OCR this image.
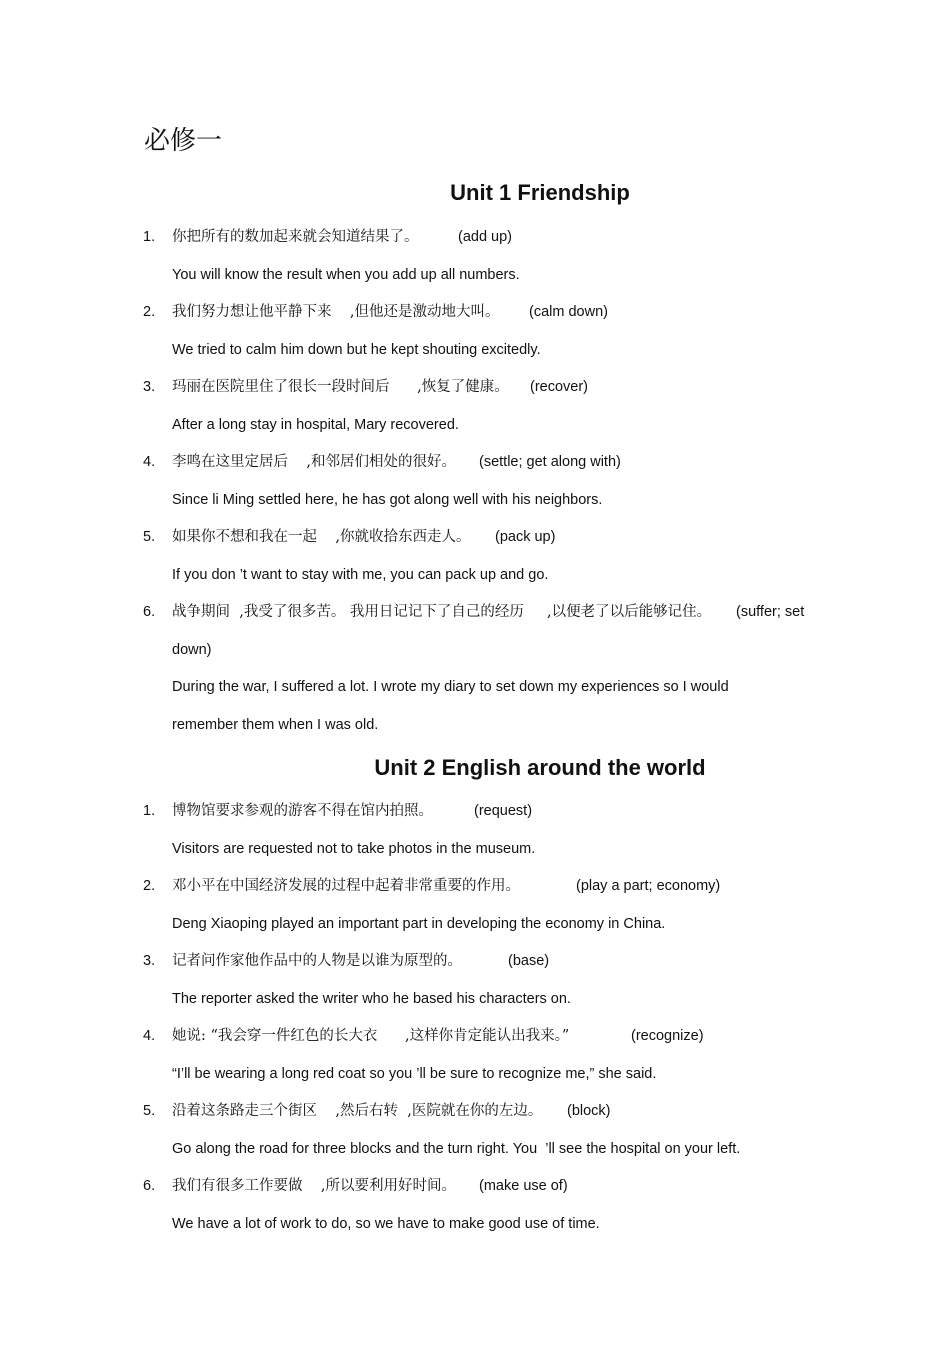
必修一
Unit 1 Friendship
Unit 2 English around the world
1. 你把所有的数加起来就会知道结果了。	(add up)
You will know the result when you add up all numbers.
2. 我们努力想让他平静下来    ,但他还是激动地大叫。 (calm down)
We tried to calm him down but he kept shouting excitedly.
3. 玛丽在医院里住了很长一段时间后      ,恢复了健康。 (recover)
After a long stay in hospital, Mary recovered.
4. 李鸣在这里定居后    ,和邻居们相处的很好。 (settle; get along with)
Since li Ming settled here, he has got along well with his neighbors.
5. 如果你不想和我在一起    ,你就收拾东西走人。 (pack up)
If you don ’t want to stay with me, you can pack up and go.
6. 战争期间  ,我受了很多苦。 我用日记记下了自己的经历     ,以便老了以后能够记住。 (suffer; set
down)
During the war, I suffered a lot. I wrote my diary to set down my experiences so I would
remember them when I was old.
1. 博物馆要求参观的游客不得在馆内拍照。	(request)
Visitors are requested not to take photos in the museum.
2. 邓小平在中国经济发展的过程中起着非常重要的作用。	(play a part; economy)
Deng Xiaoping played an important part in developing the economy in China.
3. 记者问作家他作品中的人物是以谁为原型的。	(base)
The reporter asked the writer who he based his characters on.
4. 她说: “我会穿一件红色的长大衣      ,这样你肯定能认出我来。”	(recognize)
“I’ll be wearing a long red coat so you ’ll be sure to recognize me,” she said.
5. 沿着这条路走三个街区    ,然后右转  ,医院就在你的左边。 (block)
Go along the road for three blocks and the turn right. You  ’ll see the hospital on your left.
6. 我们有很多工作要做    ,所以要利用好时间。 (make use of)
We have a lot of work to do, so we have to make good use of time.
